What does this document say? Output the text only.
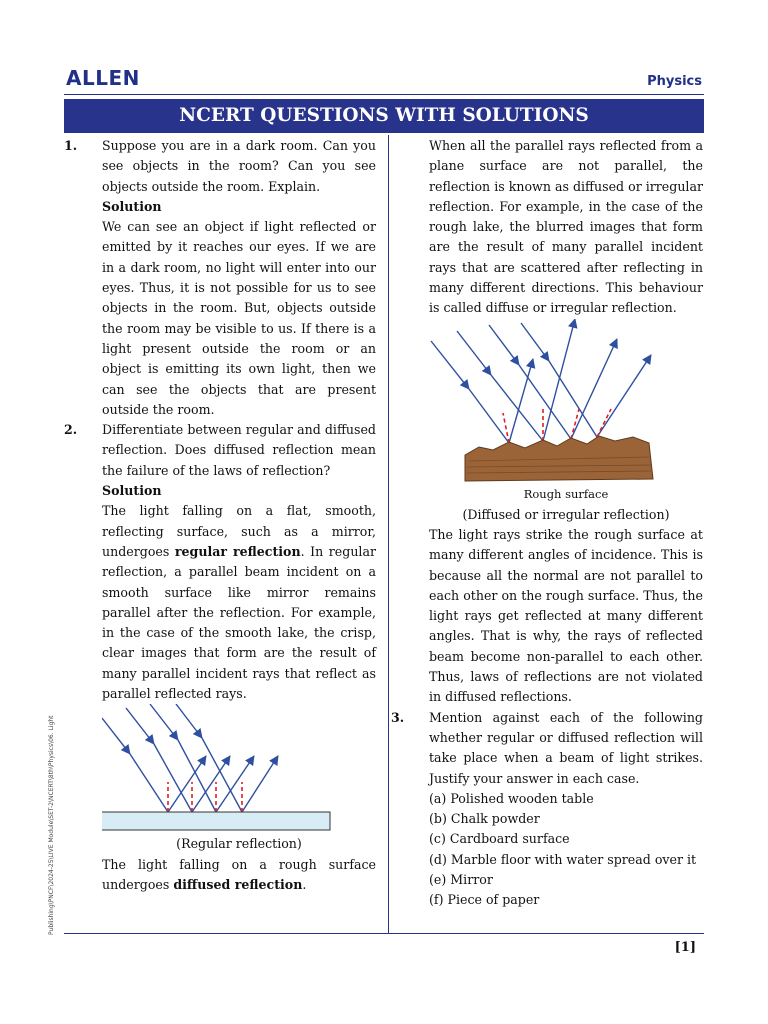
ALLEN	Physics
NCERT QUESTIONS WITH SOLUTIONS
[1]
Publishing\PNCF\2024-25\LIVE Module\SET-2\NCERT\8th\Physics\06. Light
1. Suppose you are in a dark room. Can you see objects in the room? Can you see objects outside the room. Explain.

Solution

We can see an object if light reflected or emitted by it reaches our eyes. If we are in a dark room, no light will enter into our eyes. Thus, it is not possible for us to see objects in the room. But, objects outside the room may be visible to us. If there is a light present outside the room or an object is emitting its own light, then we can see the objects that are present outside the room.

2. Differentiate between regular and diffused reflection. Does diffused reflection mean the failure of the laws of reflection?

Solution

The light falling on a flat, smooth, reflecting surface, such as a mirror, undergoes regular reflection. In regular reflection, a parallel beam incident on a smooth surface like mirror remains parallel after the reflection. For example, in the case of the smooth lake, the crisp, clear images that form are the result of many parallel incident rays that reflect as parallel reflected rays.

(Regular reflection)

The light falling on a rough surface undergoes diffused reflection.

When all the parallel rays reflected from a plane surface are not parallel, the reflection is known as diffused or irregular reflection. For example, in the case of the rough lake, the blurred images that form are the result of many parallel incident rays that are scattered after reflecting in many different directions. This behaviour is called diffuse or irregular reflection.

Rough surface

(Diffused or irregular reflection)

The light rays strike the rough surface at many different angles of incidence. This is because all the normal are not parallel to each other on the rough surface. Thus, the light rays get reflected at many different angles. That is why, the rays of reflected beam become non-parallel to each other. Thus, laws of reflections are not violated in diffused reflections.

3. Mention against each of the following whether regular or diffused reflection will take place when a beam of light strikes. Justify your answer in each case.

(a) Polished wooden table

(b) Chalk powder

(c) Cardboard surface

(d) Marble floor with water spread over it

(e) Mirror

(f) Piece of paper
